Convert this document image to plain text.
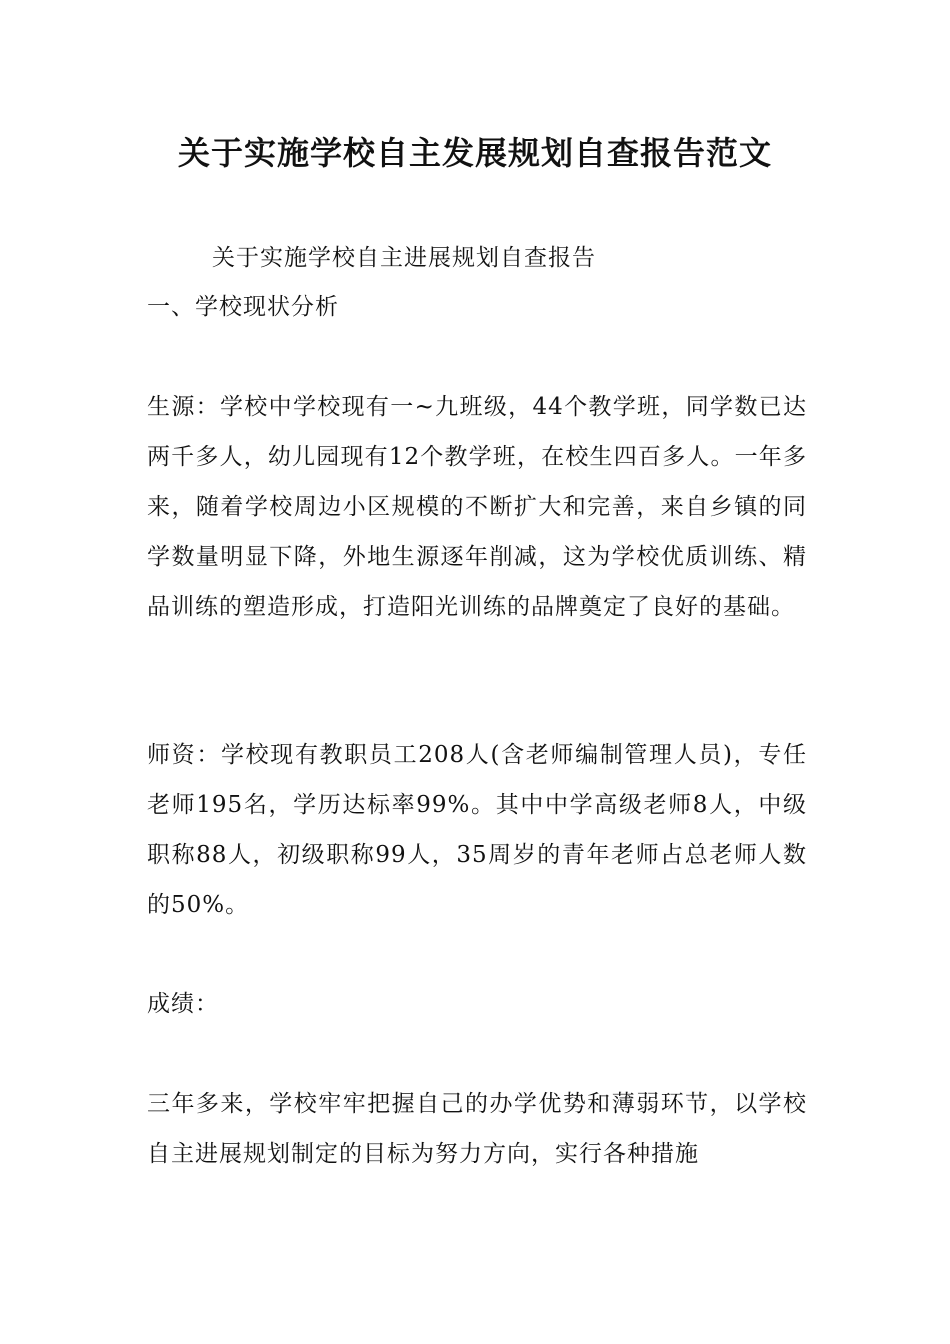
关于实施学校自主发展规划自查报告范文

关于实施学校自主进展规划自查报告

一、学校现状分析

生源：学校中学校现有一~九班级，44个教学班，同学数已达两千多人，幼儿园现有12个教学班，在校生四百多人。一年多来，随着学校周边小区规模的不断扩大和完善，来自乡镇的同学数量明显下降，外地生源逐年削减，这为学校优质训练、精品训练的塑造形成，打造阳光训练的品牌奠定了良好的基础。

师资：学校现有教职员工208人(含老师编制管理人员)，专任老师195名，学历达标率99%。其中中学高级老师8人，中级职称88人，初级职称99人，35周岁的青年老师占总老师人数的50%。

成绩：

三年多来，学校牢牢把握自己的办学优势和薄弱环节，以学校自主进展规划制定的目标为努力方向，实行各种措施
